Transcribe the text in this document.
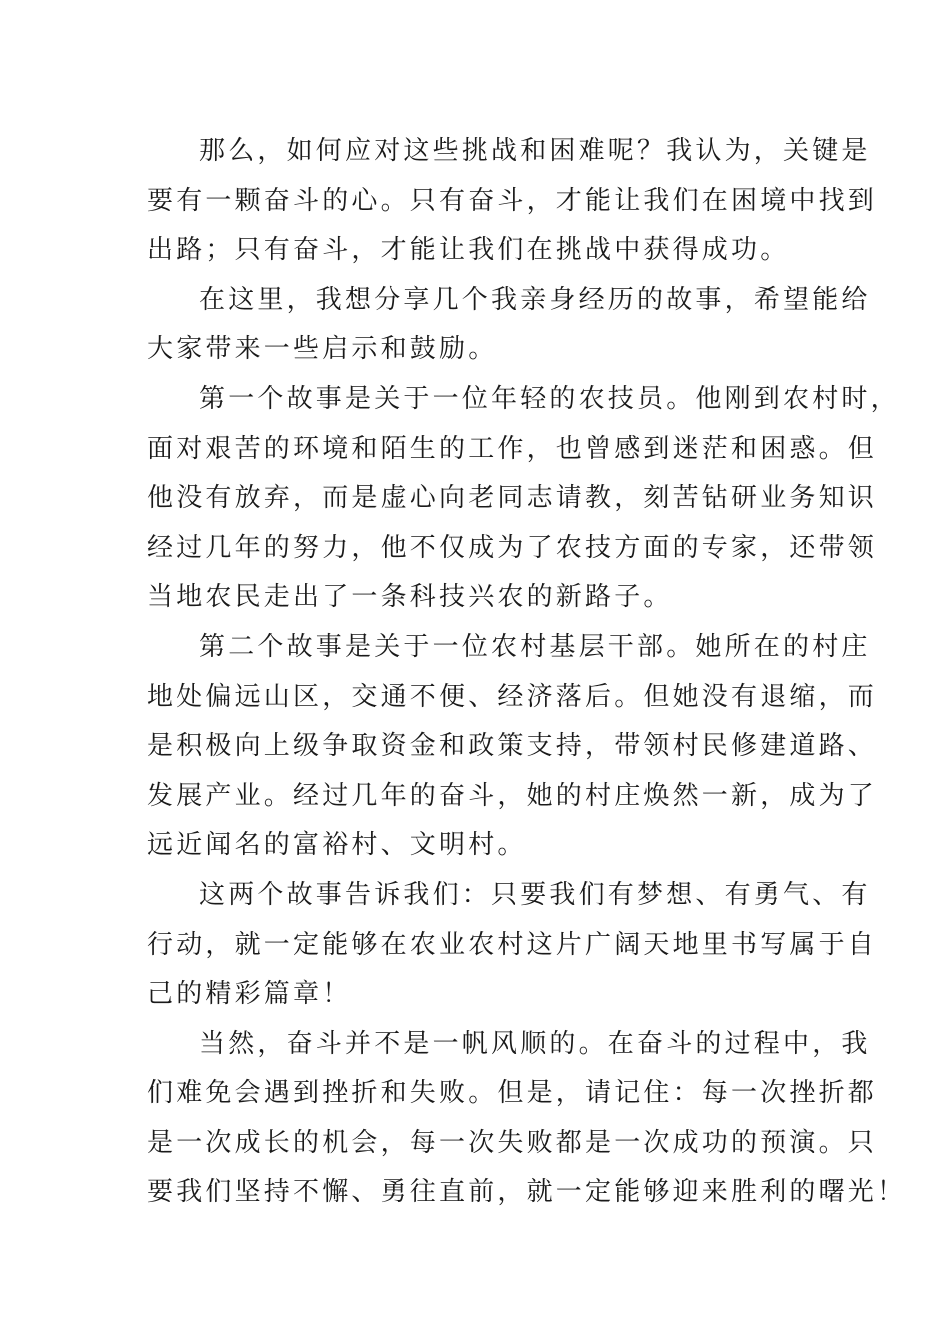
那么，如何应对这些挑战和困难呢？我认为，关键是
要有一颗奋斗的心。只有奋斗，才能让我们在困境中找到
出路；只有奋斗，才能让我们在挑战中获得成功。
在这里，我想分享几个我亲身经历的故事，希望能给
大家带来一些启示和鼓励。
第一个故事是关于一位年轻的农技员。他刚到农村时，
面对艰苦的环境和陌生的工作，也曾感到迷茫和困惑。但
他没有放弃，而是虚心向老同志请教，刻苦钻研业务知识
经过几年的努力，他不仅成为了农技方面的专家，还带领
当地农民走出了一条科技兴农的新路子。
第二个故事是关于一位农村基层干部。她所在的村庄
地处偏远山区，交通不便、经济落后。但她没有退缩，而
是积极向上级争取资金和政策支持，带领村民修建道路、
发展产业。经过几年的奋斗，她的村庄焕然一新，成为了
远近闻名的富裕村、文明村。
这两个故事告诉我们：只要我们有梦想、有勇气、有
行动，就一定能够在农业农村这片广阔天地里书写属于自
己的精彩篇章！
当然，奋斗并不是一帆风顺的。在奋斗的过程中，我
们难免会遇到挫折和失败。但是，请记住：每一次挫折都
是一次成长的机会，每一次失败都是一次成功的预演。只
要我们坚持不懈、勇往直前，就一定能够迎来胜利的曙光！
